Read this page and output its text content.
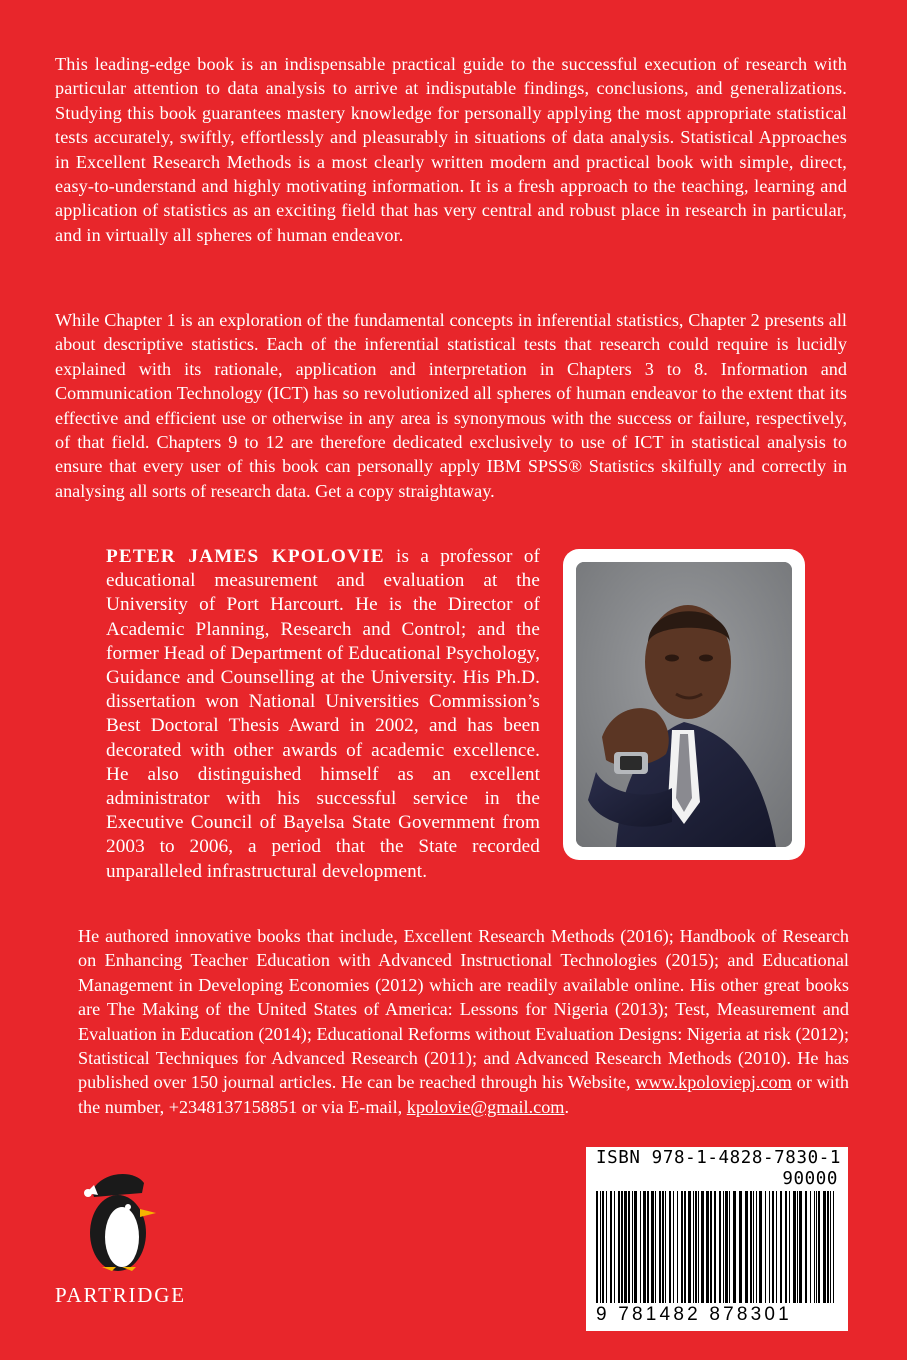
This leading-edge book is an indispensable practical guide to the successful execution of research with particular attention to data analysis to arrive at indisputable findings, conclusions, and generalizations. Studying this book guarantees mastery knowledge for personally applying the most appropriate statistical tests accurately, swiftly, effortlessly and pleasurably in situations of data analysis. Statistical Approaches in Excellent Research Methods is a most clearly written modern and practical book with simple, direct, easy-to-understand and highly motivating information. It is a fresh approach to the teaching, learning and application of statistics as an exciting field that has very central and robust place in research in particular, and in virtually all spheres of human endeavor.

While Chapter 1 is an exploration of the fundamental concepts in inferential statistics, Chapter 2 presents all about descriptive statistics. Each of the inferential statistical tests that research could require is lucidly explained with its rationale, application and interpretation in Chapters 3 to 8. Information and Communication Technology (ICT) has so revolutionized all spheres of human endeavor to the extent that its effective and efficient use or otherwise in any area is synonymous with the success or failure, respectively, of that field. Chapters 9 to 12 are therefore dedicated exclusively to use of ICT in statistical analysis to ensure that every user of this book can personally apply IBM SPSS® Statistics skilfully and correctly in analysing all sorts of research data. Get a copy straightaway.

PETER JAMES KPOLOVIE is a professor of educational measurement and evaluation at the University of Port Harcourt. He is the Director of Academic Planning, Research and Control; and the former Head of Department of Educational Psychology, Guidance and Counselling at the University. His Ph.D. dissertation won National Universities Commission’s Best Doctoral Thesis Award in 2002, and has been decorated with other awards of academic excellence. He also distinguished himself as an excellent administrator with his successful service in the Executive Council of Bayelsa State Government from 2003 to 2006, a period that the State recorded unparalleled infrastructural development.

He authored innovative books that include, Excellent Research Methods (2016); Handbook of Research on Enhancing Teacher Education with Advanced Instructional Technologies (2015); and Educational Management in Developing Economies (2012) which are readily available online. His other great books are The Making of the United States of America: Lessons for Nigeria (2013); Test, Measurement and Evaluation in Education (2014); Educational Reforms without Evaluation Designs: Nigeria at risk (2012); Statistical Techniques for Advanced Research (2011); and Advanced Research Methods (2010). He has published over 150 journal articles. He can be reached through his Website, www.kpoloviepj.com or with the number, +2348137158851 or via E-mail, kpolovie@gmail.com.

ISBN 978-1-4828-7830-1
90000
9 781482 878301
PARTRIDGE
